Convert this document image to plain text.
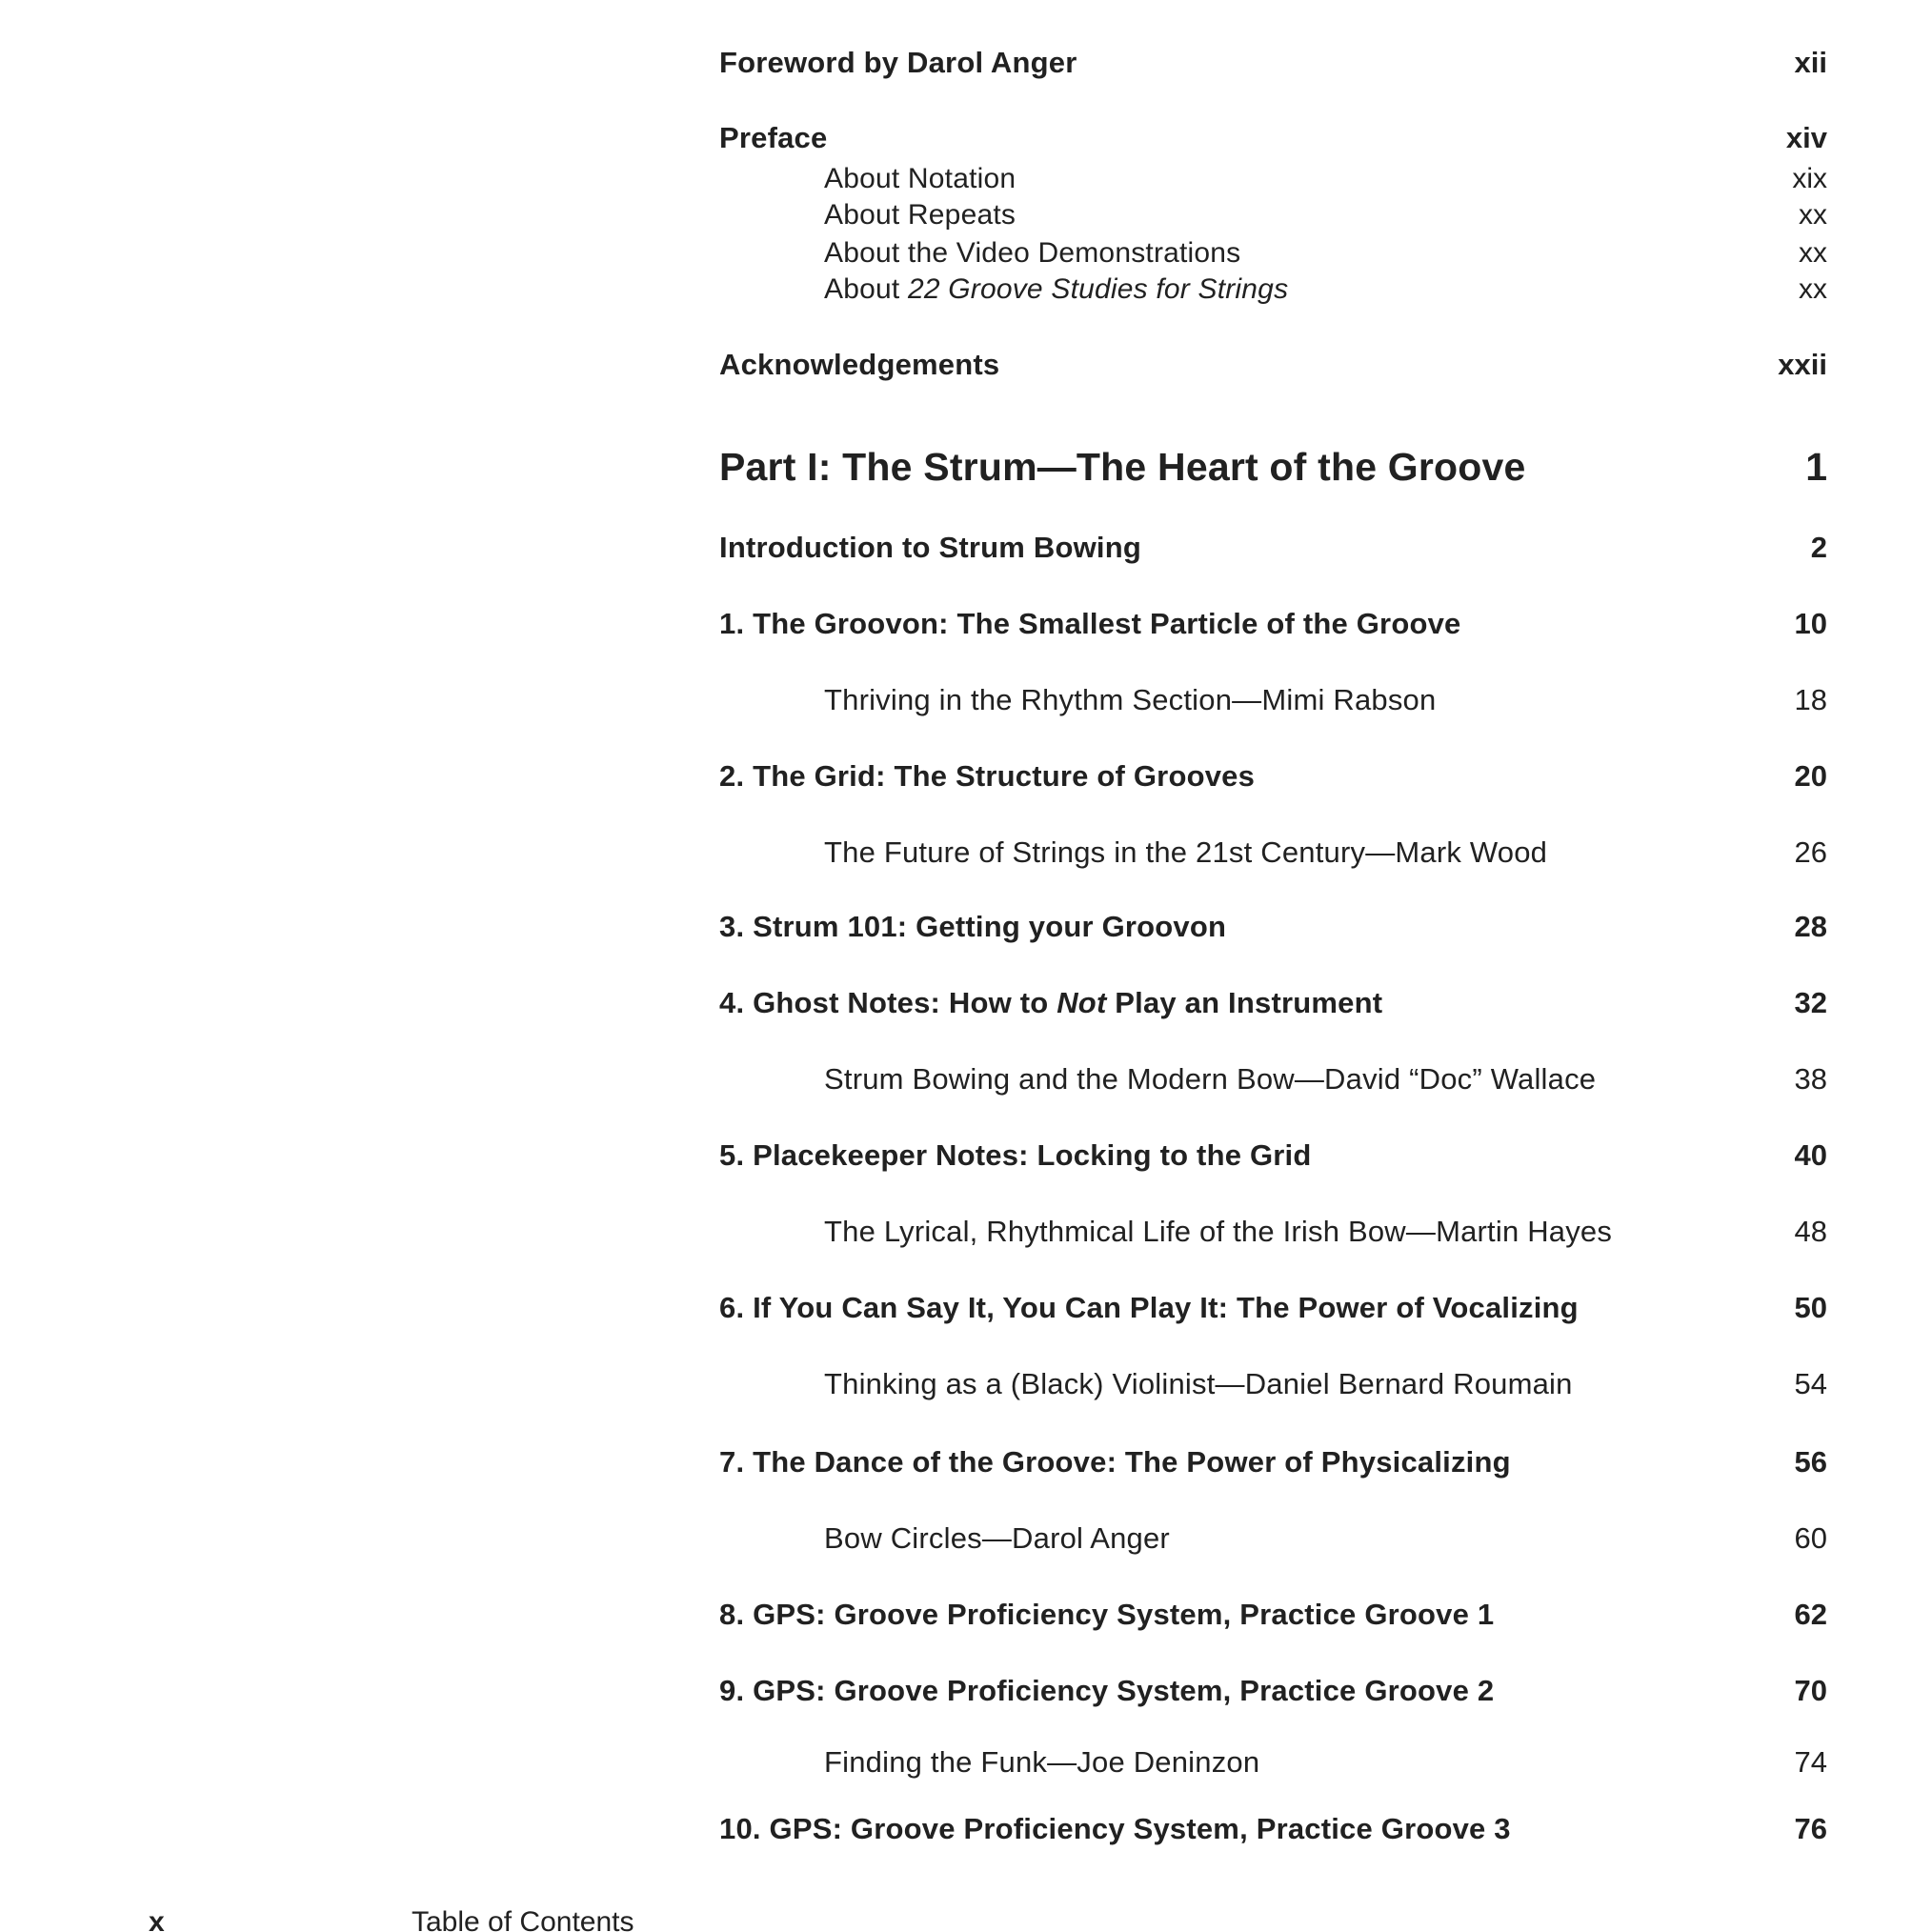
Foreword by Darol Anger	xii
Preface	xiv
About Notation	xix
About Repeats	xx
About the Video Demonstrations	xx
About 22 Groove Studies for Strings	xx
Acknowledgements	xxii
Part I: The Strum—The Heart of the Groove	1
Introduction to Strum Bowing	2
1. The Groovon: The Smallest Particle of the Groove	10
Thriving in the Rhythm Section—Mimi Rabson	18
2. The Grid: The Structure of Grooves	20
The Future of Strings in the 21st Century—Mark Wood	26
3. Strum 101: Getting your Groovon	28
4. Ghost Notes: How to Not Play an Instrument	32
Strum Bowing and the Modern Bow—David “Doc” Wallace	38
5. Placekeeper Notes: Locking to the Grid	40
The Lyrical, Rhythmical Life of the Irish Bow—Martin Hayes	48
6. If You Can Say It, You Can Play It: The Power of Vocalizing	50
Thinking as a (Black) Violinist—Daniel Bernard Roumain	54
7. The Dance of the Groove: The Power of Physicalizing	56
Bow Circles—Darol Anger	60
8. GPS: Groove Proficiency System, Practice Groove 1	62
9. GPS: Groove Proficiency System, Practice Groove 2	70
Finding the Funk—Joe Deninzon	74
10. GPS: Groove Proficiency System, Practice Groove 3	76
x	Table of Contents
